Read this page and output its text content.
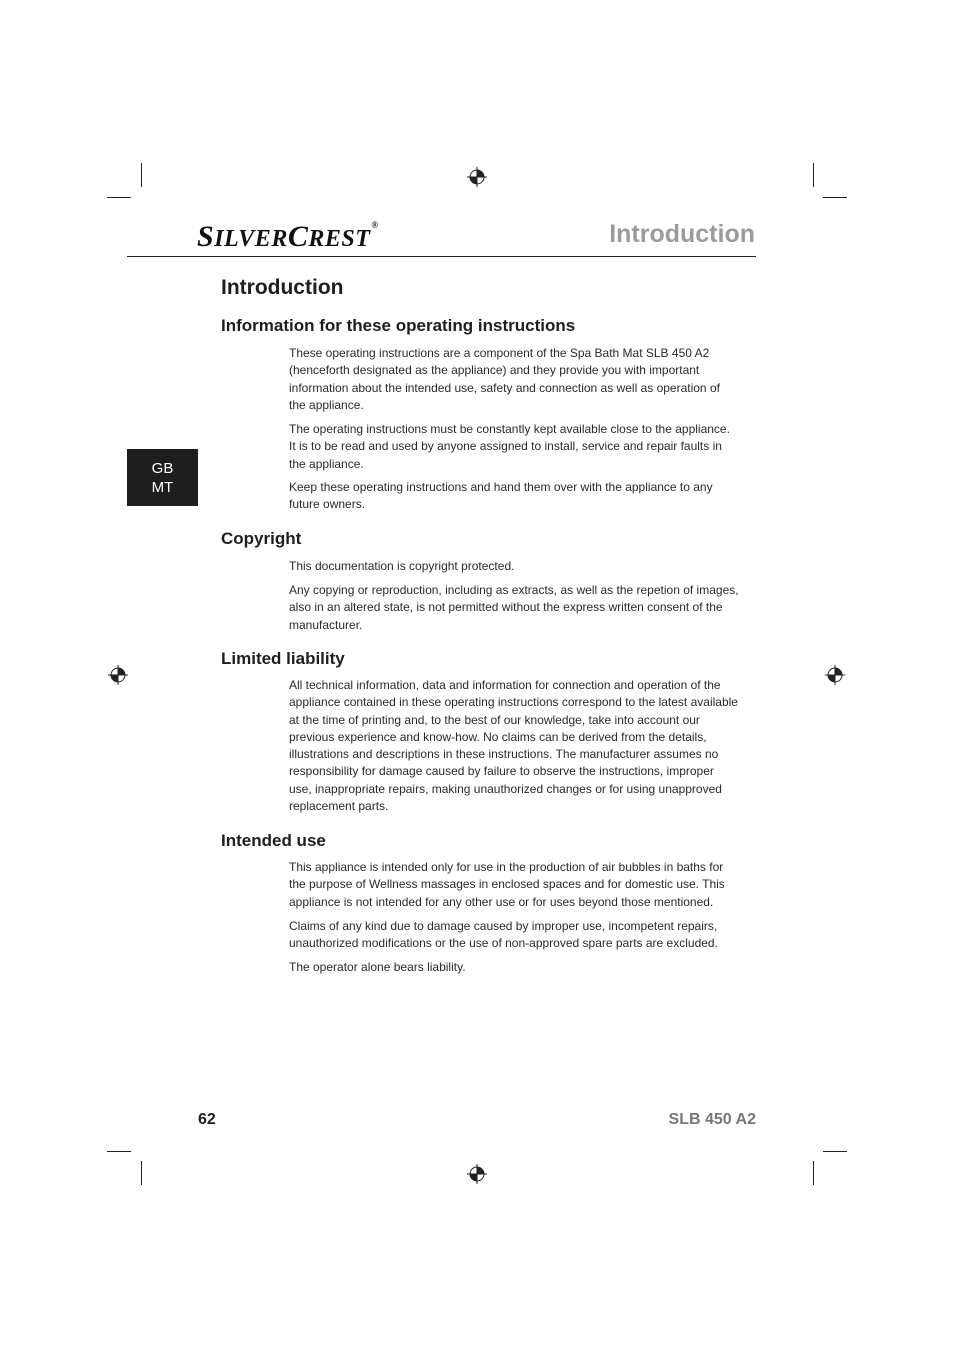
SILVERCREST®	Introduction
GB
MT
Introduction
Information for these operating instructions

These operating instructions are a component of the Spa Bath Mat SLB 450 A2 (henceforth designated as the appliance) and they provide you with important information about the intended use, safety and connection as well as operation of the appliance.

The operating instructions must be constantly kept available close to the appliance. It is to be read and used by anyone assigned to install, service and repair faults in the appliance.

Keep these operating instructions and hand them over with the appliance to any future owners.

Copyright

This documentation is copyright protected.

Any copying or reproduction, including as extracts, as well as the repetion of images, also in an altered state, is not permitted without the express written consent of the manufacturer.

Limited liability

All technical information, data and information for connection and operation of the appliance contained in these operating instructions correspond to the latest available at the time of printing and, to the best of our knowledge, take into account our previous experience and know-how. No claims can be derived from the details, illustrations and descriptions in these instructions. The manufacturer assumes no responsibility for damage caused by failure to observe the instructions, improper use, inappropriate repairs, making unauthorized changes or for using unapproved replacement parts.

Intended use

This appliance is intended only for use in the production of air bubbles in baths for the purpose of Wellness massages in enclosed spaces and for domestic use. This appliance is not intended for any other use or for uses beyond those mentioned.

Claims of any kind due to damage caused by improper use, incompetent repairs, unauthorized modifications or the use of non-approved spare parts are excluded.

The operator alone bears liability.

62	SLB 450 A2
